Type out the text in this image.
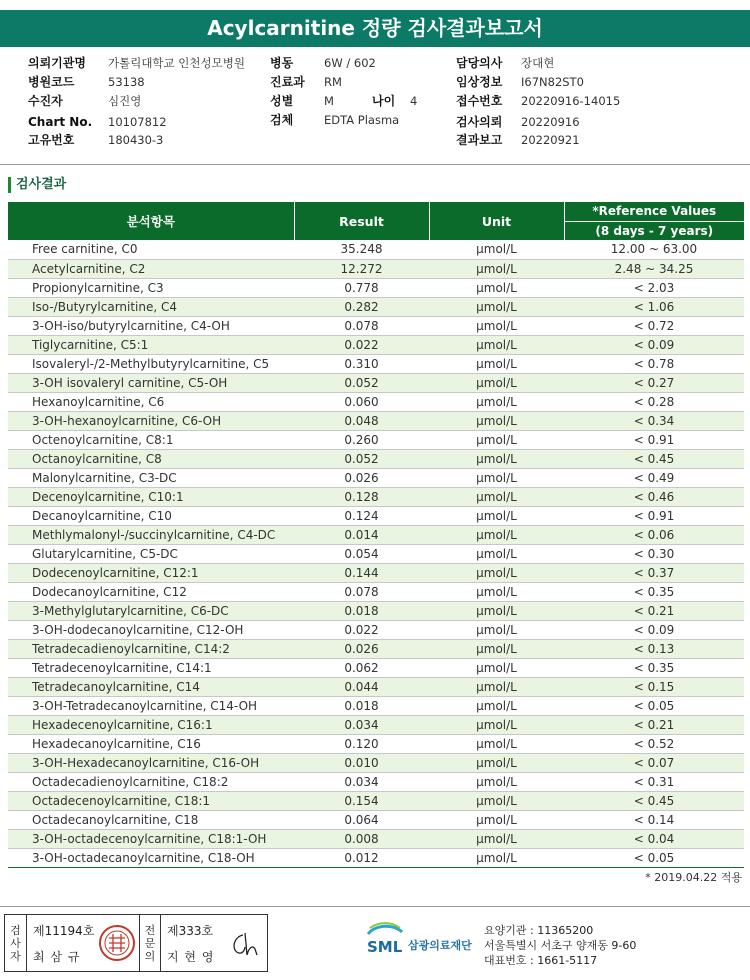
Acylcarnitine 정량 검사결과보고서
의뢰기관명 가톨릭대학교 인천성모병원 병동	6W / 602	담당의사 장대현
병원코드	53138	진료과 RM	임상정보 I67N82ST0
수진자	심진영	성별	M	나이 4	접수번호 20220916-14015
Chart No. 10107812	검체	EDTA Plasma	검사의뢰 20220916
고유번호	180430-3	결과보고 20220921
검사결과
분석항목	Result	Unit	*Reference Values
			(8 days - 7 years)
Free carnitine, C0	35.248	μmol/L	12.00 ~ 63.00
Acetylcarnitine, C2	12.272	μmol/L	2.48 ~ 34.25
Propionylcarnitine, C3	0.778	μmol/L	< 2.03
Iso-/Butyrylcarnitine, C4	0.282	μmol/L	< 1.06
3-OH-iso/butyrylcarnitine, C4-OH	0.078	μmol/L	< 0.72
Tiglycarnitine, C5:1	0.022	μmol/L	< 0.09
Isovaleryl-/2-Methylbutyrylcarnitine, C5	0.310	μmol/L	< 0.78
3-OH isovaleryl carnitine, C5-OH	0.052	μmol/L	< 0.27
Hexanoylcarnitine, C6	0.060	μmol/L	< 0.28
3-OH-hexanoylcarnitine, C6-OH	0.048	μmol/L	< 0.34
Octenoylcarnitine, C8:1	0.260	μmol/L	< 0.91
Octanoylcarnitine, C8	0.052	μmol/L	< 0.45
Malonylcarnitine, C3-DC	0.026	μmol/L	< 0.49
Decenoylcarnitine, C10:1	0.128	μmol/L	< 0.46
Decanoylcarnitine, C10	0.124	μmol/L	< 0.91
Methlymalonyl-/succinylcarnitine, C4-DC	0.014	μmol/L	< 0.06
Glutarylcarnitine, C5-DC	0.054	μmol/L	< 0.30
Dodecenoylcarnitine, C12:1	0.144	μmol/L	< 0.37
Dodecanoylcarnitine, C12	0.078	μmol/L	< 0.35
3-Methylglutarylcarnitine, C6-DC	0.018	μmol/L	< 0.21
3-OH-dodecanoylcarnitine, C12-OH	0.022	μmol/L	< 0.09
Tetradecadienoylcarnitine, C14:2	0.026	μmol/L	< 0.13
Tetradecenoylcarnitine, C14:1	0.062	μmol/L	< 0.35
Tetradecanoylcarnitine, C14	0.044	μmol/L	< 0.15
3-OH-Tetradecanoylcarnitine, C14-OH	0.018	μmol/L	< 0.05
Hexadecenoylcarnitine, C16:1	0.034	μmol/L	< 0.21
Hexadecanoylcarnitine, C16	0.120	μmol/L	< 0.52
3-OH-Hexadecanoylcarnitine, C16-OH	0.010	μmol/L	< 0.07
Octadecadienoylcarnitine, C18:2	0.034	μmol/L	< 0.31
Octadecenoylcarnitine, C18:1	0.154	μmol/L	< 0.45
Octadecanoylcarnitine, C18	0.064	μmol/L	< 0.14
3-OH-octadecenoylcarnitine, C18:1-OH	0.008	μmol/L	< 0.04
3-OH-octadecanoylcarnitine, C18-OH	0.012	μmol/L	< 0.05
* 2019.04.22 적용
검
사
자
제11194호
최 삼 규
전
문
의
제333호
지 현 영
SML 삼광의료재단
요양기관 : 11365200
서울특별시 서초구 양재동 9-60
대표번호 : 1661-5117
